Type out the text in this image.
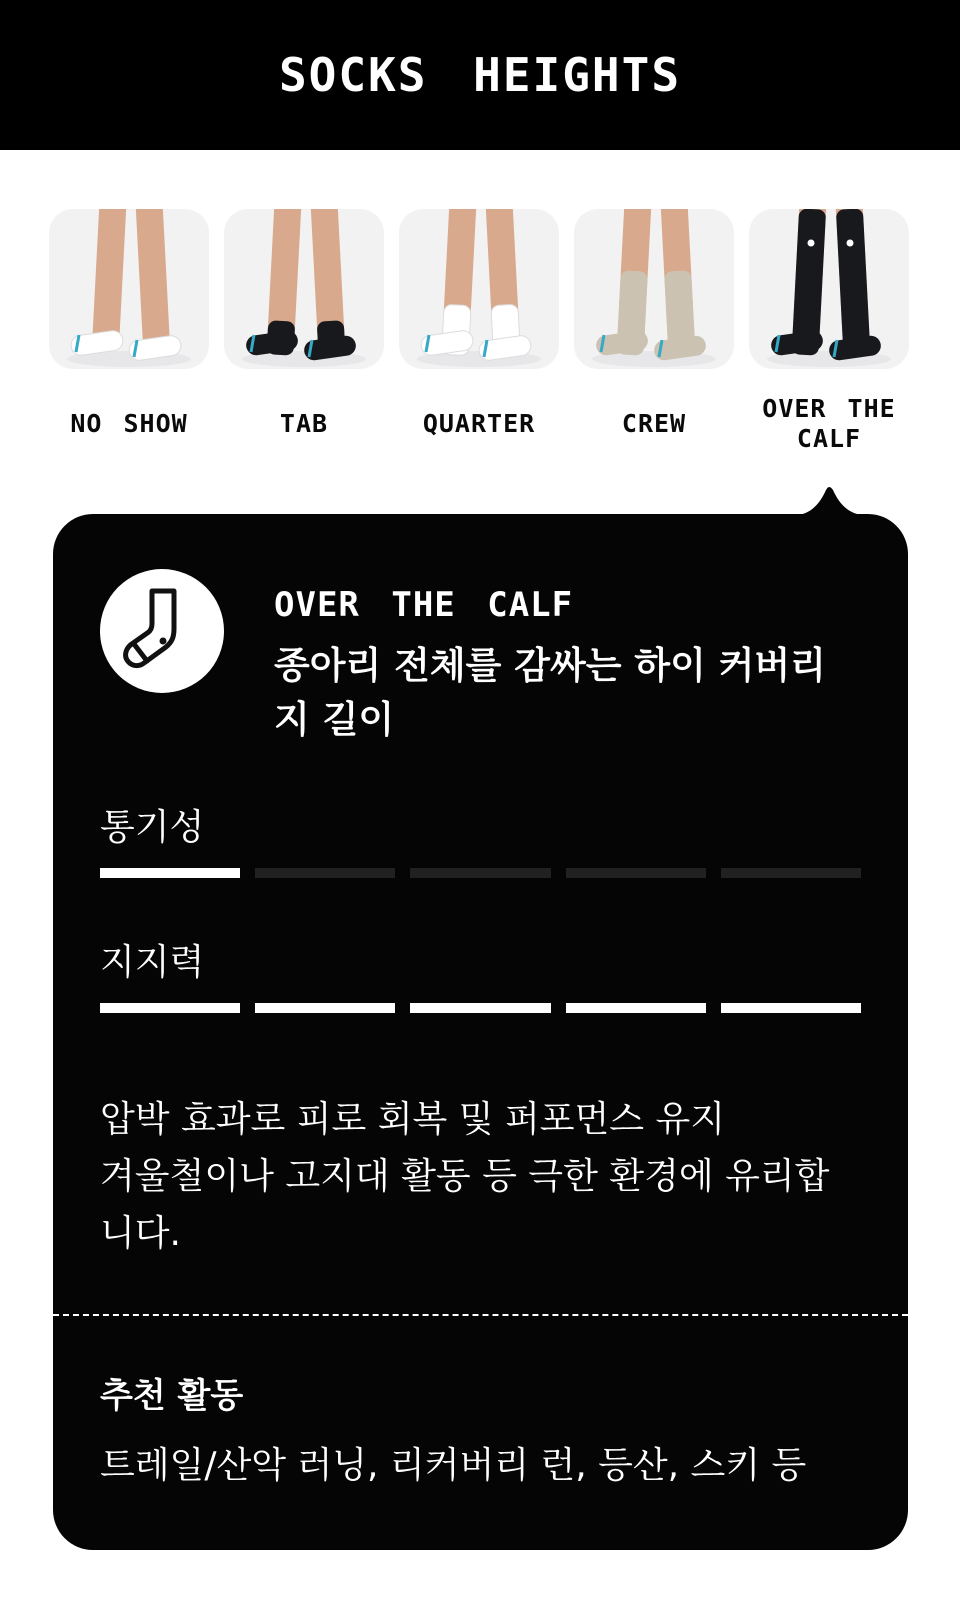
SOCKS HEIGHTS
NO SHOW	TAB	QUARTER	CREW
OVER THE CALF
OVER THE CALF
종아리 전체를 감싸는 하이 커버리지 길이
통기성
지지력
압박 효과로 피로 회복 및 퍼포먼스 유지
겨울철이나 고지대 활동 등 극한 환경에 유리합니다.
추천 활동
트레일/산악 러닝, 리커버리 런, 등산, 스키 등
